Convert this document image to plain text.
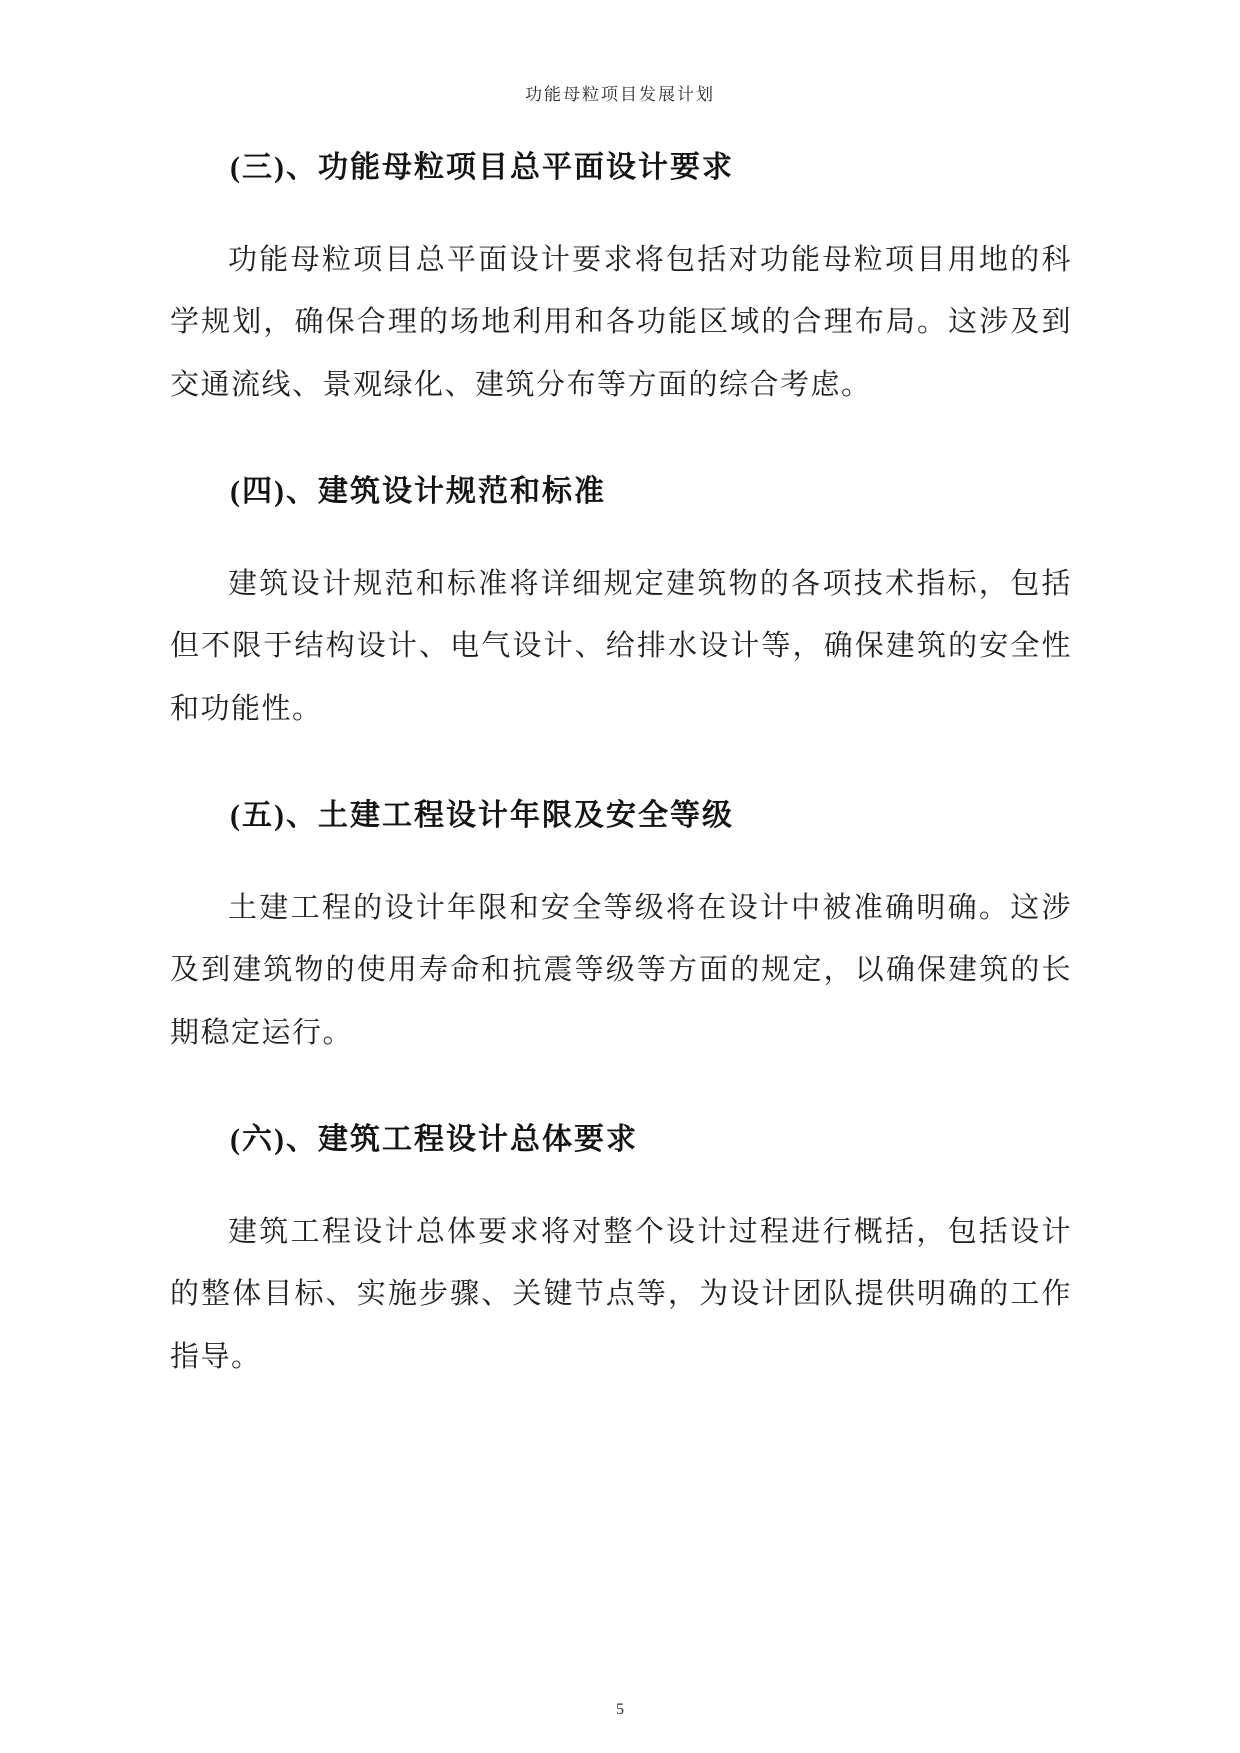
功能母粒项目发展计划
(三)、功能母粒项目总平面设计要求

功能母粒项目总平面设计要求将包括对功能母粒项目用地的科学规划，确保合理的场地利用和各功能区域的合理布局。这涉及到交通流线、景观绿化、建筑分布等方面的综合考虑。

(四)、建筑设计规范和标准

建筑设计规范和标准将详细规定建筑物的各项技术指标，包括但不限于结构设计、电气设计、给排水设计等，确保建筑的安全性和功能性。

(五)、土建工程设计年限及安全等级

土建工程的设计年限和安全等级将在设计中被准确明确。这涉及到建筑物的使用寿命和抗震等级等方面的规定，以确保建筑的长期稳定运行。

(六)、建筑工程设计总体要求

建筑工程设计总体要求将对整个设计过程进行概括，包括设计的整体目标、实施步骤、关键节点等，为设计团队提供明确的工作指导。

5
